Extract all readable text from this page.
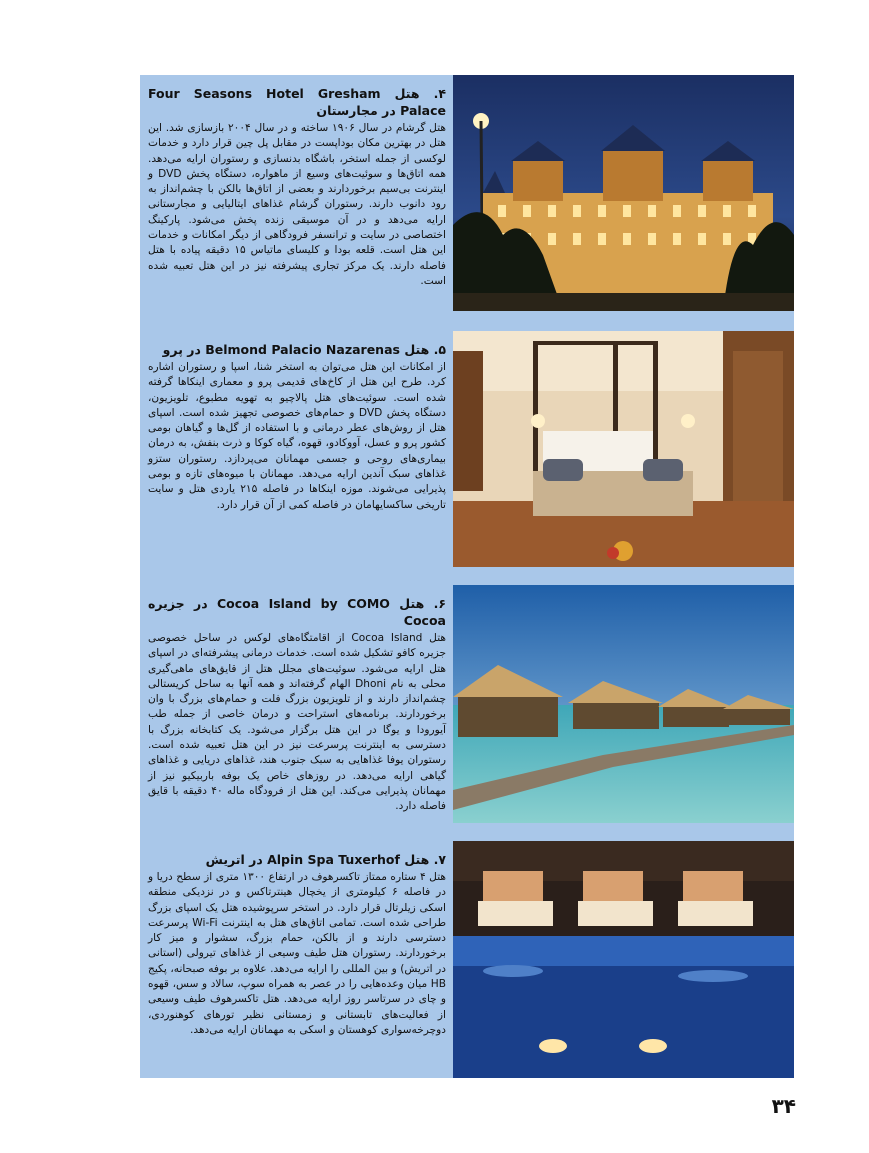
۴. هتل Four Seasons Hotel Gresham Palace در مجارستان

هتل گرشام در سال ۱۹۰۶ ساخته و در سال ۲۰۰۴ بازسازی شد. این هتل در بهترین مکان بوداپست در مقابل پل چین قرار دارد و خدمات لوکسی از جمله استخر، باشگاه بدنسازی و رستوران ارایه می‌دهد. همه اتاق‌ها و سوئیت‌های وسیع از ماهواره، دستگاه پخش DVD و اینترنت بی‌سیم برخوردارند و بعضی از اتاق‌ها بالکن با چشم‌انداز به رود دانوب دارند. رستوران گرشام غذاهای ایتالیایی و مجارستانی ارایه می‌دهد و در آن موسیقی زنده پخش می‌شود. پارکینگ اختصاصی در سایت و ترانسفر فرودگاهی از دیگر امکانات و خدمات این هتل است. قلعه بودا و کلیسای ماتیاس ۱۵ دقیقه پیاده با هتل فاصله دارند. یک مرکز تجاری پیشرفته نیز در این هتل تعبیه شده است.

۵. هتل Belmond Palacio Nazarenas در پرو

از امکانات این هتل می‌توان به استخر شنا، اسپا و رستوران اشاره کرد. طرح این هتل از کاخ‌های قدیمی پرو و معماری اینکاها گرفته شده است. سوئیت‌های هتل پالاچیو به تهویه مطبوع، تلویزیون، دستگاه پخش DVD و حمام‌های خصوصی تجهیز شده است. اسپای هتل از روش‌های عطر درمانی و با استفاده از گل‌ها و گیاهان بومی کشور پرو و عسل، آووکادو، قهوه، گیاه کوکا و ذرت بنفش، به درمان بیماری‌های روحی و جسمی مهمانان می‌پردازد. رستوران ستزو غذاهای سبک آندین ارایه می‌دهد. مهمانان با میوه‌های تازه و بومی پذیرایی می‌شوند. موزه اینکاها در فاصله ۲۱۵ یاردی هتل و سایت تاریخی ساکسایهامان در فاصله کمی از آن قرار دارد.

۶. هتل Cocoa Island by COMO در جزیره Cocoa

هتل Cocoa Island از اقامتگاه‌های لوکس در ساحل خصوصی جزیره کافو تشکیل شده است. خدمات درمانی پیشرفته‌ای در اسپای هتل ارایه می‌شود. سوئیت‌های مجلل هتل از قایق‌های ماهی‌گیری محلی به نام Dhoni الهام گرفته‌اند و همه آنها به ساحل کریستالی چشم‌انداز دارند و از تلویزیون بزرگ فلت و حمام‌های بزرگ با وان برخوردارند. برنامه‌های استراحت و درمان خاصی از جمله طب آیورودا و یوگا در این هتل برگزار می‌شود. یک کتابخانه بزرگ با دسترسی به اینترنت پرسرعت نیز در این هتل تعبیه شده است. رستوران یوفا غذاهایی به سبک جنوب هند، غذاهای دریایی و غذاهای گیاهی ارایه می‌دهد. در روزهای خاص یک بوفه باربیکیو نیز از مهمانان پذیرایی می‌کند. این هتل از فرودگاه ماله ۴۰ دقیقه با قایق فاصله دارد.

۷. هتل Alpin Spa Tuxerhof در اتریش

هتل ۴ ستاره ممتاز تاکسرهوف در ارتفاع ۱۳۰۰ متری از سطح دریا و در فاصله ۶ کیلومتری از یخچال هینترتاکس و در نزدیکی منطقه اسکی زیلرتال قرار دارد. در استخر سرپوشیده هتل یک اسپای بزرگ طراحی شده است. تمامی اتاق‌های هتل به اینترنت Wi-Fi پرسرعت دسترسی دارند و از بالکن، حمام بزرگ، سشوار و میز کار برخوردارند. رستوران هتل طیف وسیعی از غذاهای تیرولی (استانی در اتریش) و بین المللی را ارایه می‌دهد. علاوه بر بوفه صبحانه، پکیج HB میان وعده‌هایی را در عصر به همراه سوپ، سالاد و سس، قهوه و چای در سرتاسر روز ارایه می‌دهد. هتل تاکسرهوف طیف وسیعی از فعالیت‌های تابستانی و زمستانی نظیر تورهای کوهنوردی، دوچرخه‌سواری کوهستان و اسکی به مهمانان ارایه می‌دهد.

۳۴
